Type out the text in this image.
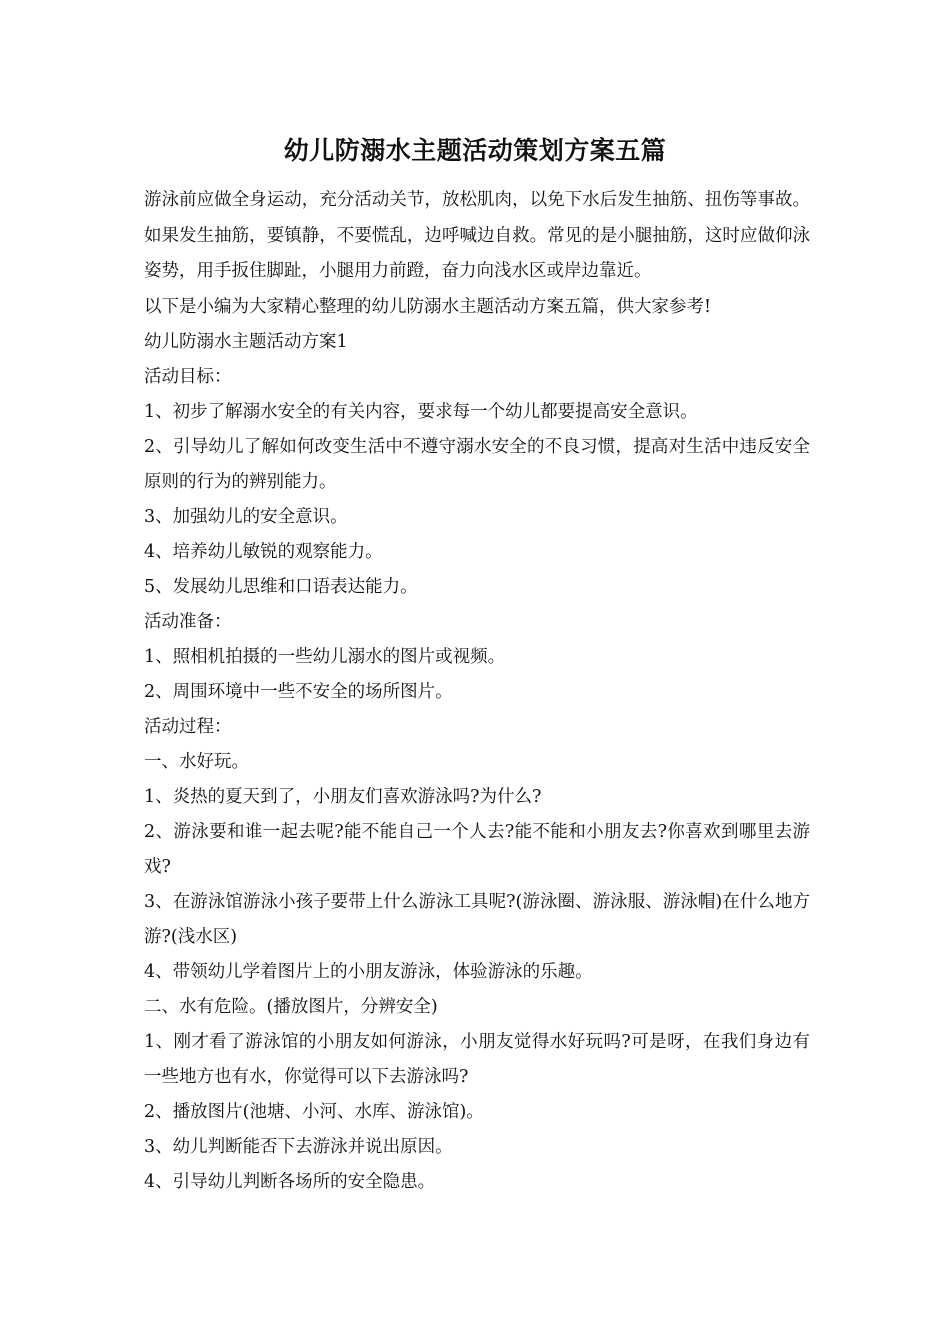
幼儿防溺水主题活动策划方案五篇

游泳前应做全身运动，充分活动关节，放松肌肉，以免下水后发生抽筋、扭伤等事故。如果发生抽筋，要镇静，不要慌乱，边呼喊边自救。常见的是小腿抽筋，这时应做仰泳姿势，用手扳住脚趾，小腿用力前蹬，奋力向浅水区或岸边靠近。

以下是小编为大家精心整理的幼儿防溺水主题活动方案五篇，供大家参考!

幼儿防溺水主题活动方案1

活动目标：

1、初步了解溺水安全的有关内容，要求每一个幼儿都要提高安全意识。

2、引导幼儿了解如何改变生活中不遵守溺水安全的不良习惯，提高对生活中违反安全原则的行为的辨别能力。

3、加强幼儿的安全意识。

4、培养幼儿敏锐的观察能力。

5、发展幼儿思维和口语表达能力。

活动准备：

1、照相机拍摄的一些幼儿溺水的图片或视频。

2、周围环境中一些不安全的场所图片。

活动过程：

一、水好玩。

1、炎热的夏天到了，小朋友们喜欢游泳吗?为什么?

2、游泳要和谁一起去呢?能不能自己一个人去?能不能和小朋友去?你喜欢到哪里去游戏?

3、在游泳馆游泳小孩子要带上什么游泳工具呢?(游泳圈、游泳服、游泳帽)在什么地方游?(浅水区)

4、带领幼儿学着图片上的小朋友游泳，体验游泳的乐趣。

二、水有危险。(播放图片，分辨安全)

1、刚才看了游泳馆的小朋友如何游泳，小朋友觉得水好玩吗?可是呀，在我们身边有一些地方也有水，你觉得可以下去游泳吗?

2、播放图片(池塘、小河、水库、游泳馆)。

3、幼儿判断能否下去游泳并说出原因。

4、引导幼儿判断各场所的安全隐患。
